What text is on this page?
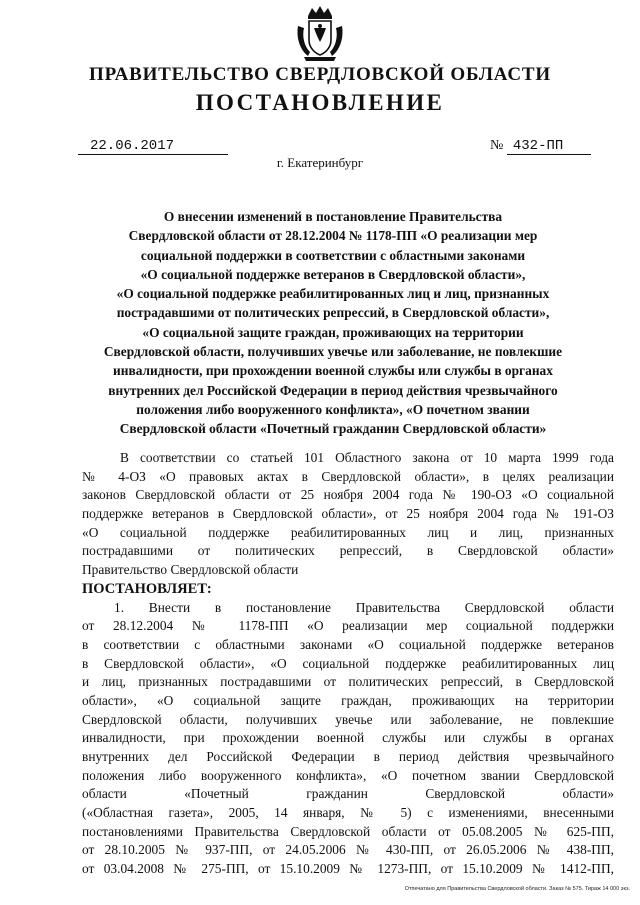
ПРАВИТЕЛЬСТВО СВЕРДЛОВСКОЙ ОБЛАСТИ
ПОСТАНОВЛЕНИЕ
22.06.2017	№ 432-ПП
г. Екатеринбург
О внесении изменений в постановление Правительства
Свердловской области от 28.12.2004 № 1178-ПП «О реализации мер
социальной поддержки в соответствии с областными законами
«О социальной поддержке ветеранов в Свердловской области»,
«О социальной поддержке реабилитированных лиц и лиц, признанных
пострадавшими от политических репрессий, в Свердловской области»,
«О социальной защите граждан, проживающих на территории
Свердловской области, получивших увечье или заболевание, не повлекшие
инвалидности, при прохождении военной службы или службы в органах
внутренних дел Российской Федерации в период действия чрезвычайного
положения либо вооруженного конфликта», «О почетном звании
Свердловской области «Почетный гражданин Свердловской области»
В соответствии со статьей 101 Областного закона от 10 марта 1999 года
№ 4-ОЗ «О правовых актах в Свердловской области», в целях реализации
законов Свердловской области от 25 ноября 2004 года № 190-ОЗ «О социальной
поддержке ветеранов в Свердловской области», от 25 ноября 2004 года № 191-ОЗ
«О социальной поддержке реабилитированных лиц и лиц, признанных
пострадавшими от политических репрессий, в Свердловской области»
Правительство Свердловской области
ПОСТАНОВЛЯЕТ:
1. Внести в постановление Правительства Свердловской области
от 28.12.2004 № 1178-ПП «О реализации мер социальной поддержки
в соответствии с областными законами «О социальной поддержке ветеранов
в Свердловской области», «О социальной поддержке реабилитированных лиц
и лиц, признанных пострадавшими от политических репрессий, в Свердловской
области», «О социальной защите граждан, проживающих на территории
Свердловской области, получивших увечье или заболевание, не повлекшие
инвалидности, при прохождении военной службы или службы в органах
внутренних дел Российской Федерации в период действия чрезвычайного
положения либо вооруженного конфликта», «О почетном звании Свердловской
области «Почетный гражданин Свердловской области»
(«Областная газета», 2005, 14 января, № 5) с изменениями, внесенными
постановлениями Правительства Свердловской области от 05.08.2005 № 625-ПП,
от 28.10.2005 № 937-ПП, от 24.05.2006 № 430-ПП, от 26.05.2006 № 438-ПП,
от 03.04.2008 № 275-ПП, от 15.10.2009 № 1273-ПП, от 15.10.2009 № 1412-ПП,
Отпечатано для Правительства Свердловской области. Заказ № 575. Тираж 14 000 экз.
